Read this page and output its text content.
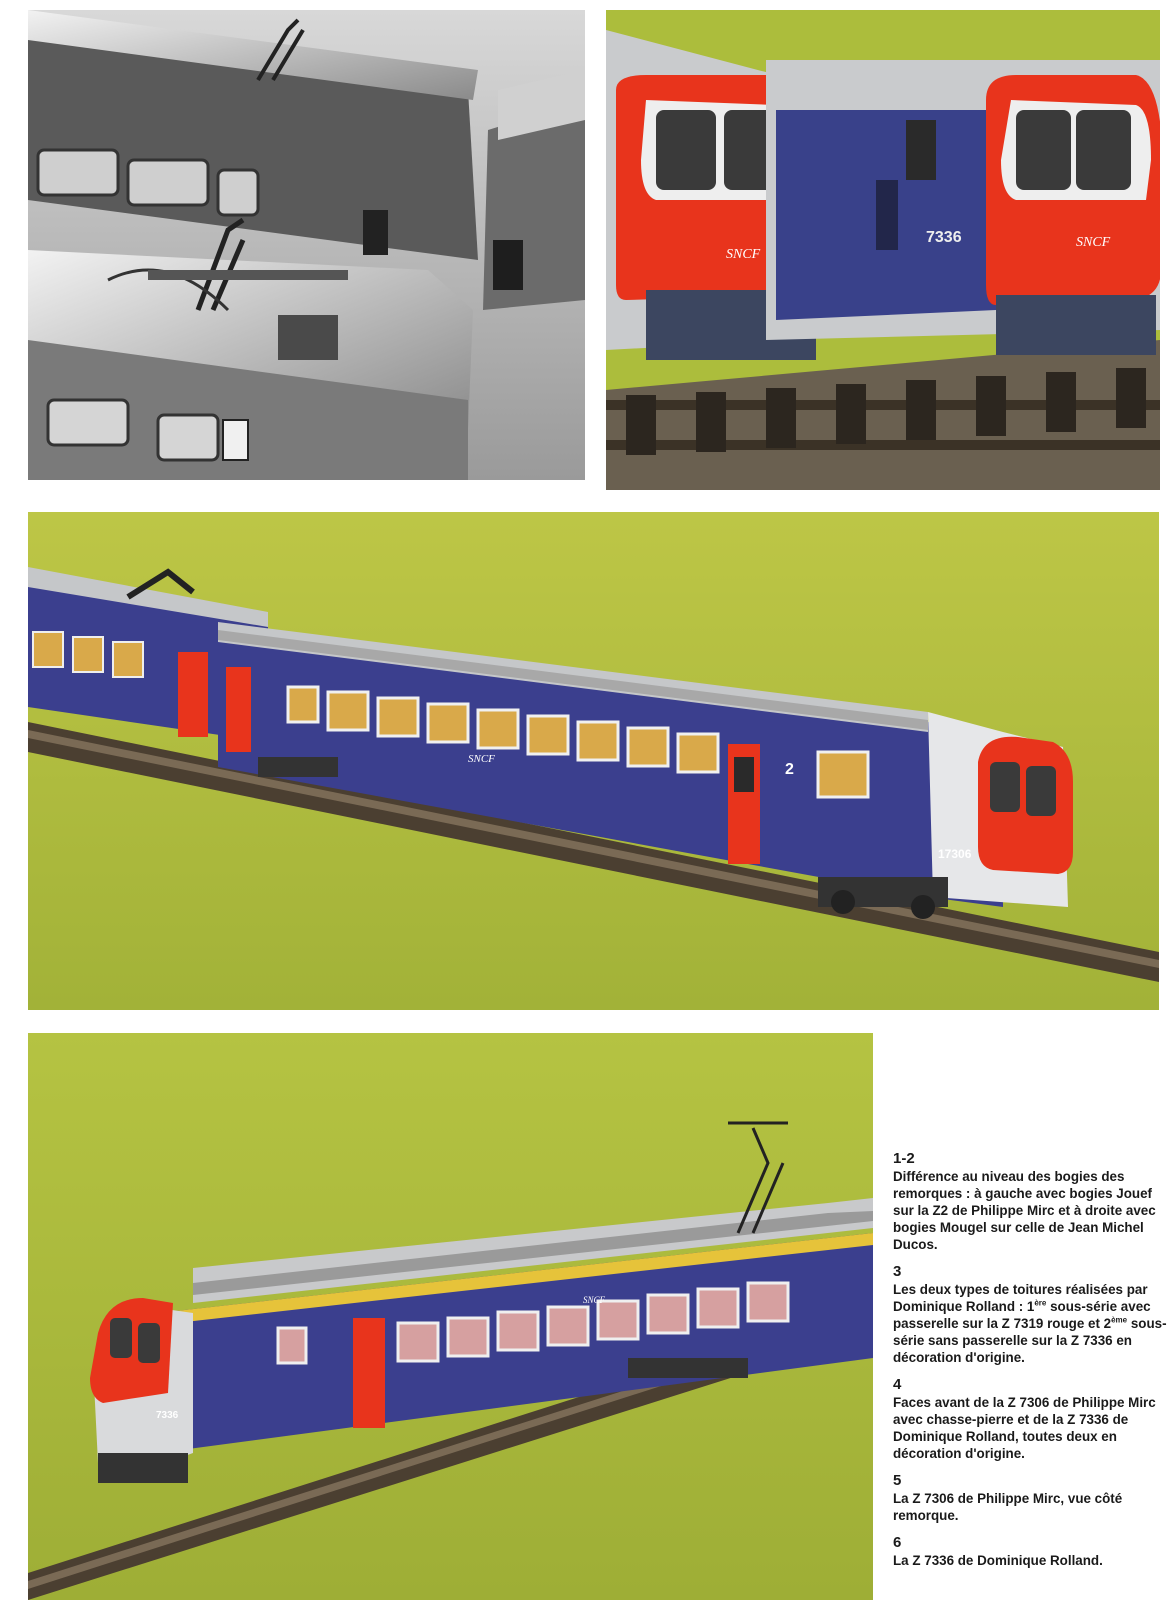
SNCF
7336	SNCF
17306
SNCF
2
7336
SNCF
1-2
Différence au niveau des bogies des remorques : à gauche avec bogies Jouef sur la Z2 de Philippe Mirc et à droite avec bogies Mougel sur celle de Jean Michel Ducos.
3
Les deux types de toitures réalisées par Dominique Rolland : 1ère sous-série avec passerelle sur la Z 7319 rouge et 2ème sous-série sans passerelle sur la Z 7336 en décoration d'origine.
4
Faces avant de la Z 7306 de Philippe Mirc avec chasse-pierre et de la Z 7336 de Dominique Rolland, toutes deux en décoration d'origine.
5
La Z 7306 de Philippe Mirc, vue côté remorque.
6
La Z 7336 de Dominique Rolland.
